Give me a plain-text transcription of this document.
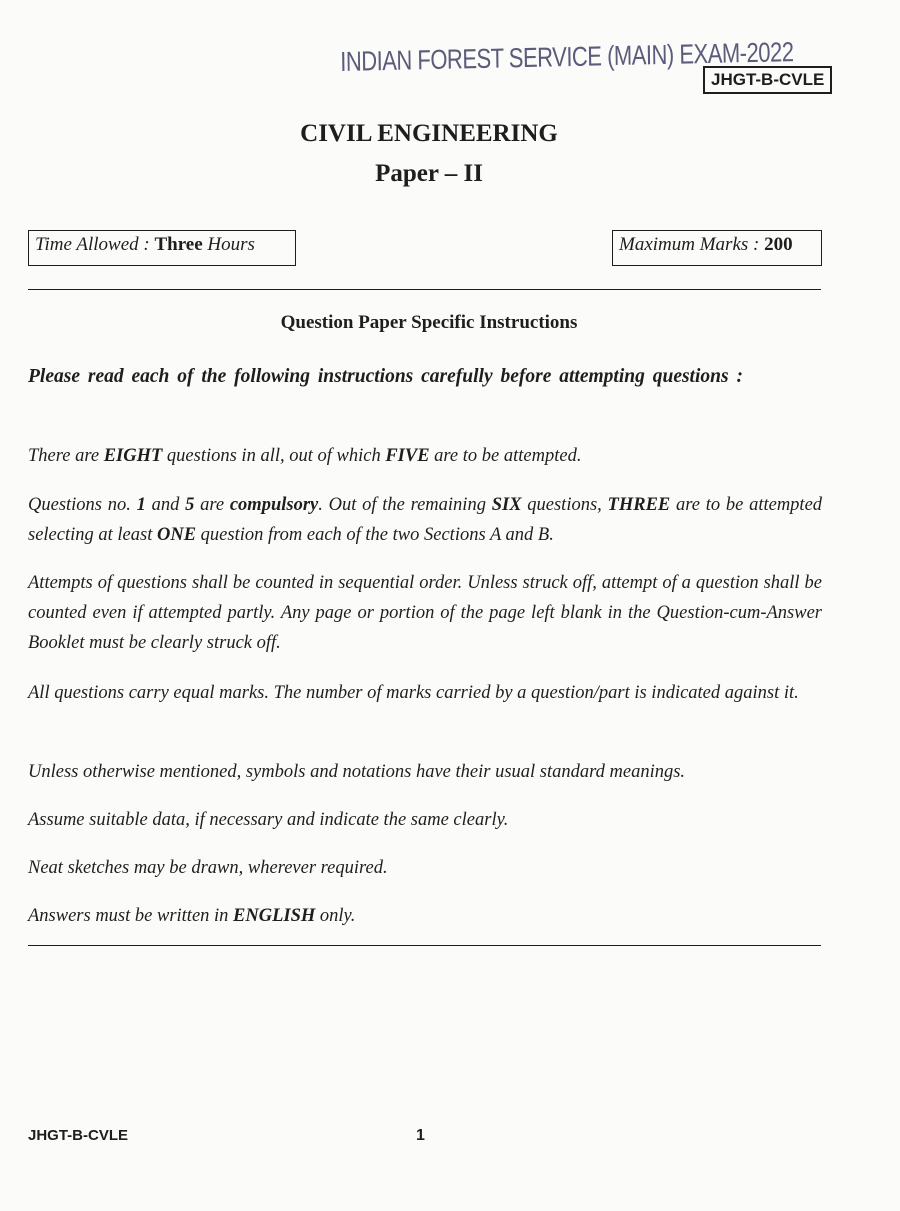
INDIAN FOREST SERVICE (MAIN) EXAM-2022
JHGT-B-CVLE
CIVIL ENGINEERING
Paper – II
Time Allowed : Three Hours	Maximum Marks : 200
Question Paper Specific Instructions
Please read each of the following instructions carefully before attempting questions :
There are EIGHT questions in all, out of which FIVE are to be attempted.
Questions no. 1 and 5 are compulsory. Out of the remaining SIX questions, THREE are to be attempted selecting at least ONE question from each of the two Sections A and B.
Attempts of questions shall be counted in sequential order. Unless struck off, attempt of a question shall be counted even if attempted partly. Any page or portion of the page left blank in the Question-cum-Answer Booklet must be clearly struck off.
All questions carry equal marks. The number of marks carried by a question/part is indicated against it.
Unless otherwise mentioned, symbols and notations have their usual standard meanings.
Assume suitable data, if necessary and indicate the same clearly.
Neat sketches may be drawn, wherever required.
Answers must be written in ENGLISH only.
JHGT-B-CVLE	1
